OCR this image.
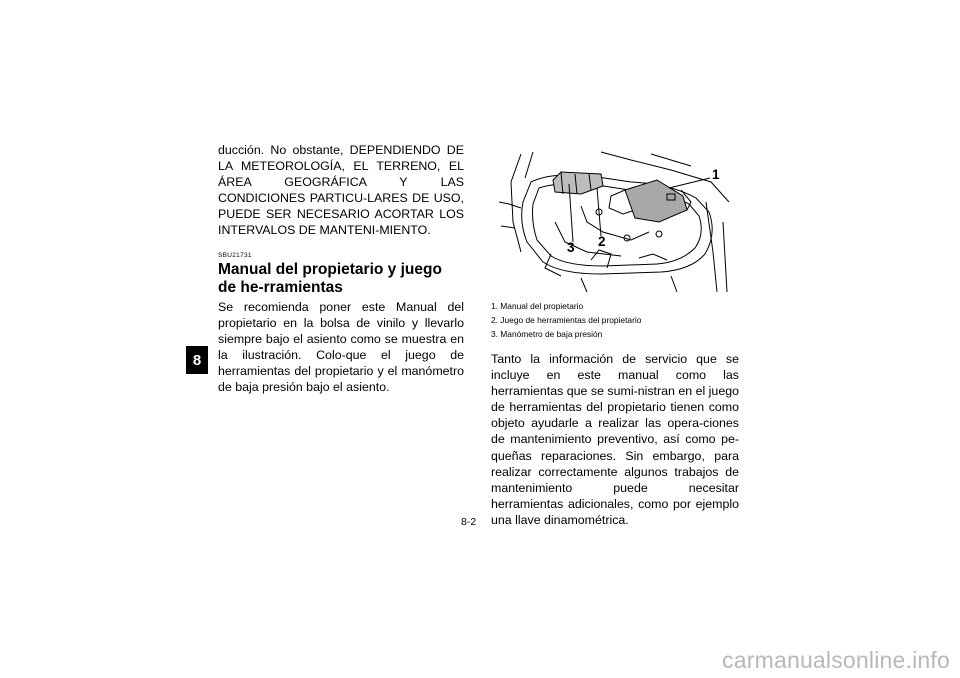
8

ducción. No obstante, DEPENDIENDO DE LA METEOROLOGÍA, EL TERRENO, EL ÁREA GEOGRÁFICA Y LAS CONDICIONES PARTICU-LARES DE USO, PUEDE SER NECESARIO ACORTAR LOS INTERVALOS DE MANTENI-MIENTO.

SBU21731
Manual del propietario y juego de he-rramientas

Se recomienda poner este Manual del propietario en la bolsa de vinilo y llevarlo siempre bajo el asiento como se muestra en la ilustración. Colo-que el juego de herramientas del propietario y el manómetro de baja presión bajo el asiento.

1
2
3
1. Manual del propietario
2. Juego de herramientas del propietario
3. Manómetro de baja presión

Tanto la información de servicio que se incluye en este manual como las herramientas que se sumi-nistran en el juego de herramientas del propietario tienen como objeto ayudarle a realizar las opera-ciones de mantenimiento preventivo, así como pe-queñas reparaciones. Sin embargo, para realizar correctamente algunos trabajos de mantenimiento puede necesitar herramientas adicionales, como por ejemplo una llave dinamométrica.

8-2
carmanualsonline.info
